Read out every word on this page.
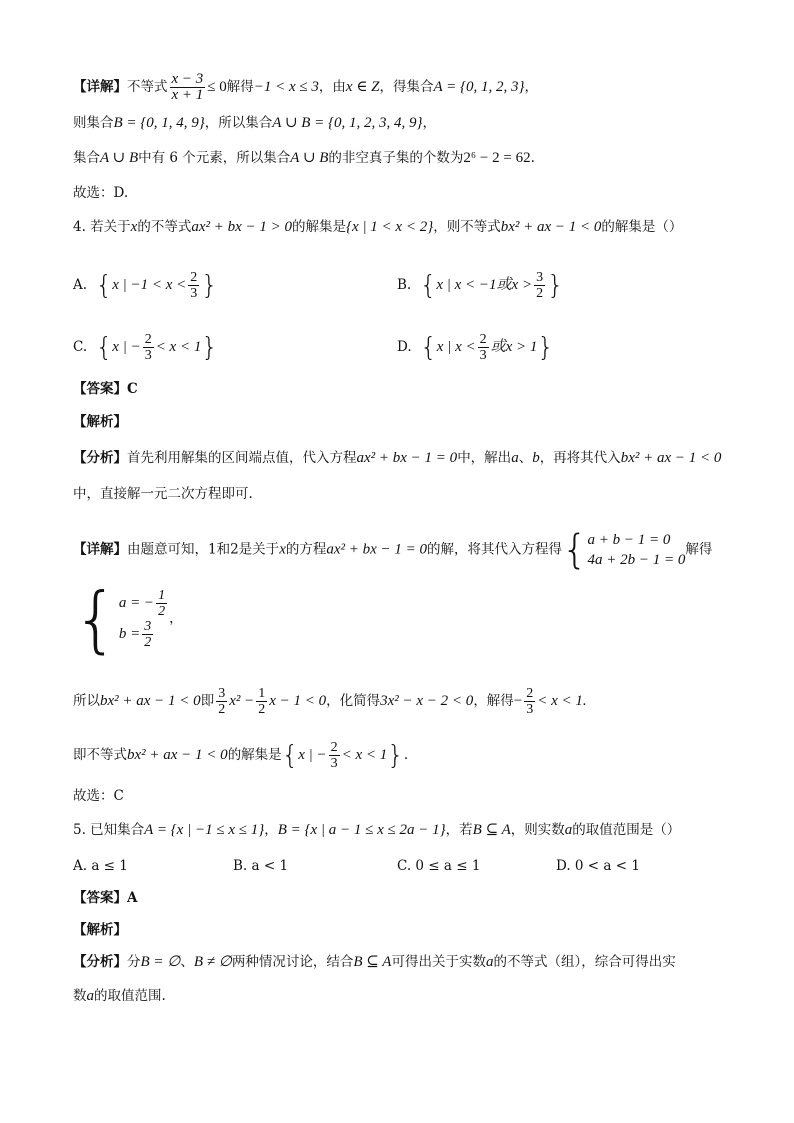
【详解】不等式 $\frac{x - 3}{x + 1} \le 0$解得−1 < x ≤ 3，由x ∈ Z，得集合A = {0, 1, 2, 3}，
则集合B = {0, 1, 4, 9}，所以集合A ∪ B = {0, 1, 2, 3, 4, 9}，
集合A ∪ B中有 6 个元素，所以集合A ∪ B的非空真子集的个数为2⁶ − 2 = 62.
故选：D.
4. 若关于x的不等式ax² + bx − 1 > 0的解集是{x | 1 < x < 2}，则不等式bx² + ax − 1 < 0的解集是（）
A. {x | $-1 < x < \frac{2}{3}$ }	B. {x | x < −1或$x > \frac{3}{2}$ }
C. {x | − $\frac{2}{3} < x < 1$}	D. {x | $x < \frac{2}{3}$ 或x > 1}
【答案】C
【解析】
【分析】首先利用解集的区间端点值，代入方程ax² + bx − 1 = 0中，解出a、b，再将其代入bx² + ax − 1 < 0
中，直接解一元二次方程即可.
【详解】由题意可知，1和2是关于x的方程ax² + bx − 1 = 0的解，将其代入方程得 { a + b − 1 = 0
4a + 2b − 1 = 0
解得
{ a = − $\frac{1}{2}$
$b = \frac{3}{2}$
，
所以bx² + ax − 1 < 0即 $\frac{3}{2} x^2 - \frac{1}{2}$ x − 1 < 0，化简得3x² − x − 2 < 0，解得− $\frac{2}{3} < x < 1$.
即不等式bx² + ax − 1 < 0的解集是{x | − $\frac{2}{3} < x < 1$}.
故选：C
5. 已知集合A = {x | −1 ≤ x ≤ 1}，B = {x | a − 1 ≤ x ≤ 2a − 1}，若B ⊆ A，则实数a的取值范围是（）
A. a ≤ 1	B. a < 1	C. 0 ≤ a ≤ 1	D. 0 < a < 1
【答案】A
【解析】
【分析】分B = ∅、B ≠ ∅两种情况讨论，结合B ⊆ A可得出关于实数a的不等式（组），综合可得出实
数a的取值范围.
